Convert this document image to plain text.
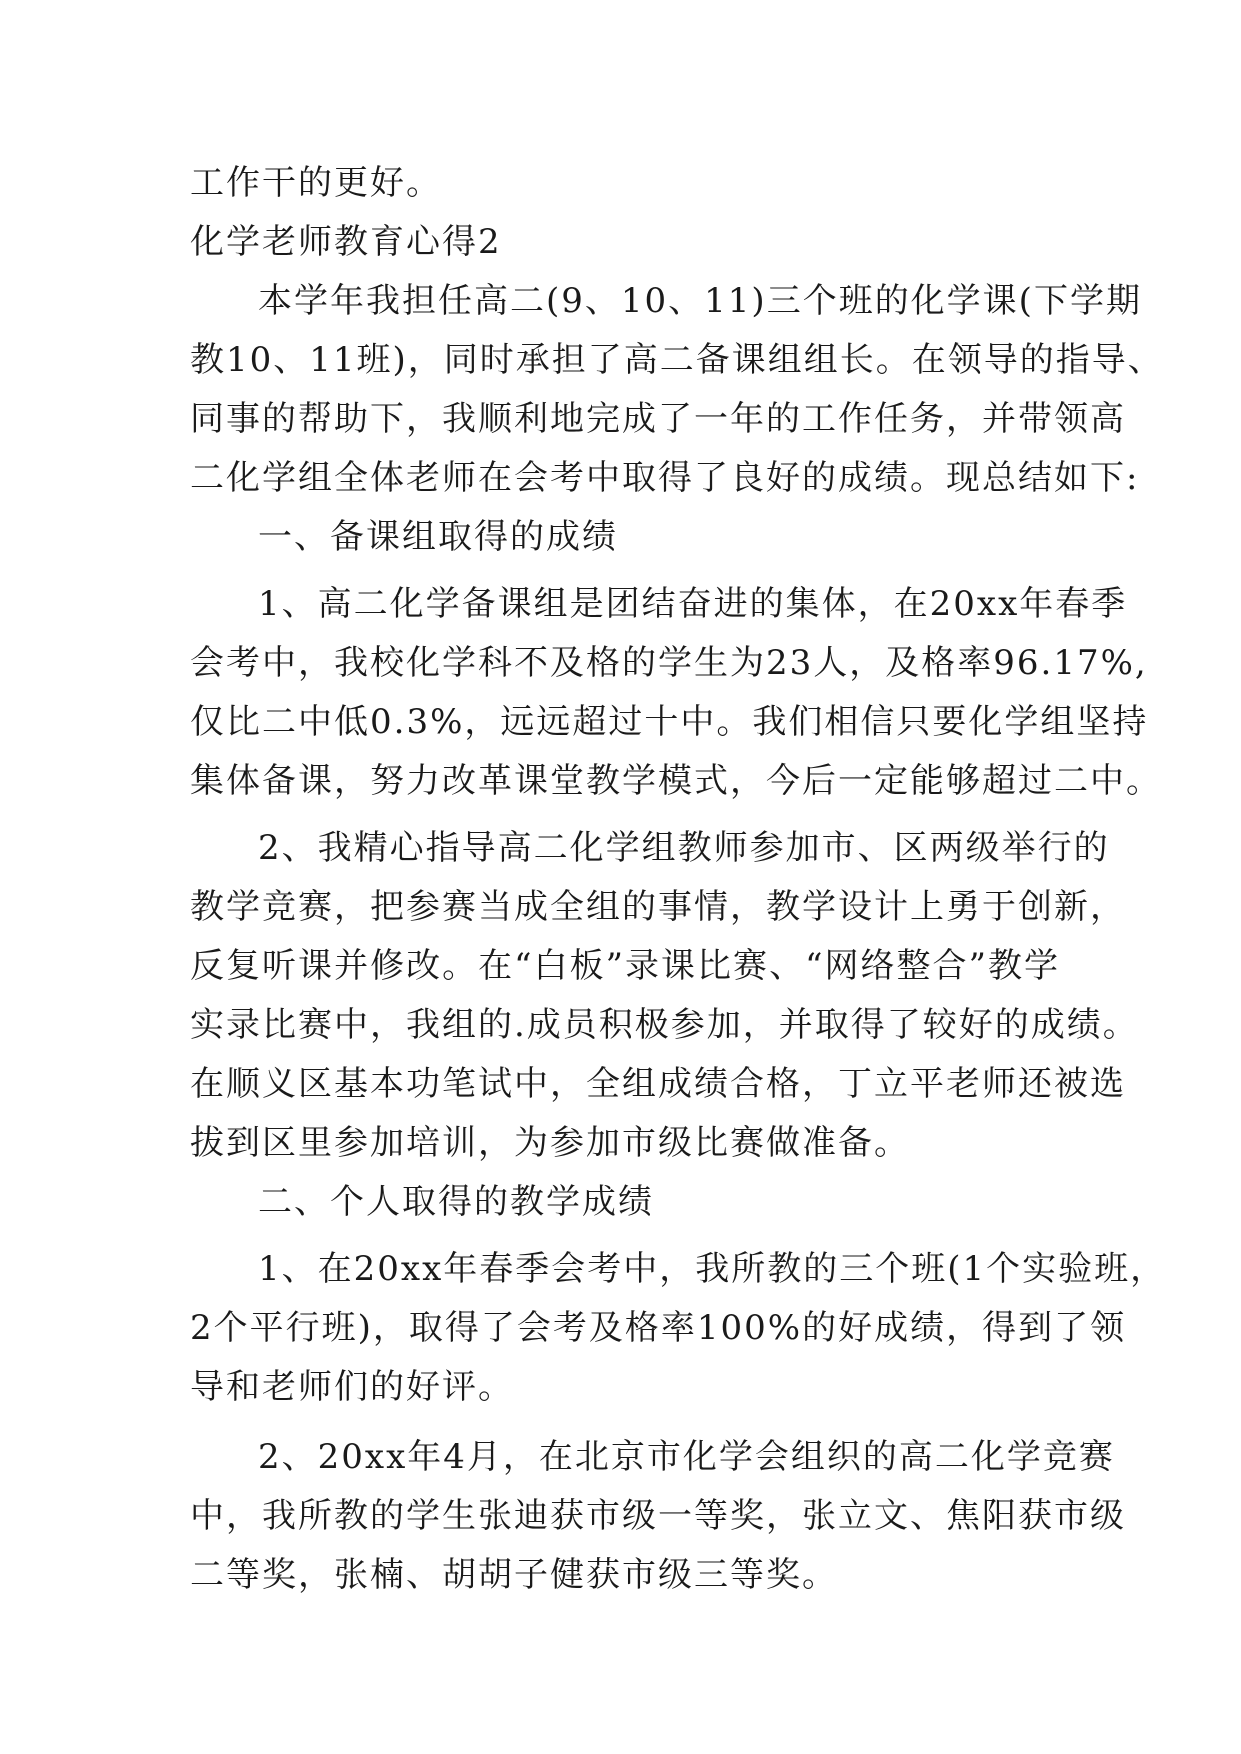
工作干的更好。
化学老师教育心得2
本学年我担任高二(9、10、11)三个班的化学课(下学期
教10、11班)，同时承担了高二备课组组长。在领导的指导、
同事的帮助下，我顺利地完成了一年的工作任务，并带领高
二化学组全体老师在会考中取得了良好的成绩。现总结如下:
一、备课组取得的成绩
1、高二化学备课组是团结奋进的集体，在20xx年春季
会考中，我校化学科不及格的学生为23人，及格率96.17%,
仅比二中低0.3%，远远超过十中。我们相信只要化学组坚持
集体备课，努力改革课堂教学模式，今后一定能够超过二中。
2、我精心指导高二化学组教师参加市、区两级举行的
教学竞赛，把参赛当成全组的事情，教学设计上勇于创新，
反复听课并修改。在“白板”录课比赛、“网络整合”教学
实录比赛中，我组的.成员积极参加，并取得了较好的成绩。
在顺义区基本功笔试中，全组成绩合格，丁立平老师还被选
拔到区里参加培训，为参加市级比赛做准备。
二、个人取得的教学成绩
1、在20xx年春季会考中，我所教的三个班(1个实验班，
2个平行班)，取得了会考及格率100%的好成绩，得到了领
导和老师们的好评。
2、20xx年4月，在北京市化学会组织的高二化学竞赛
中，我所教的学生张迪获市级一等奖，张立文、焦阳获市级
二等奖，张楠、胡胡子健获市级三等奖。
